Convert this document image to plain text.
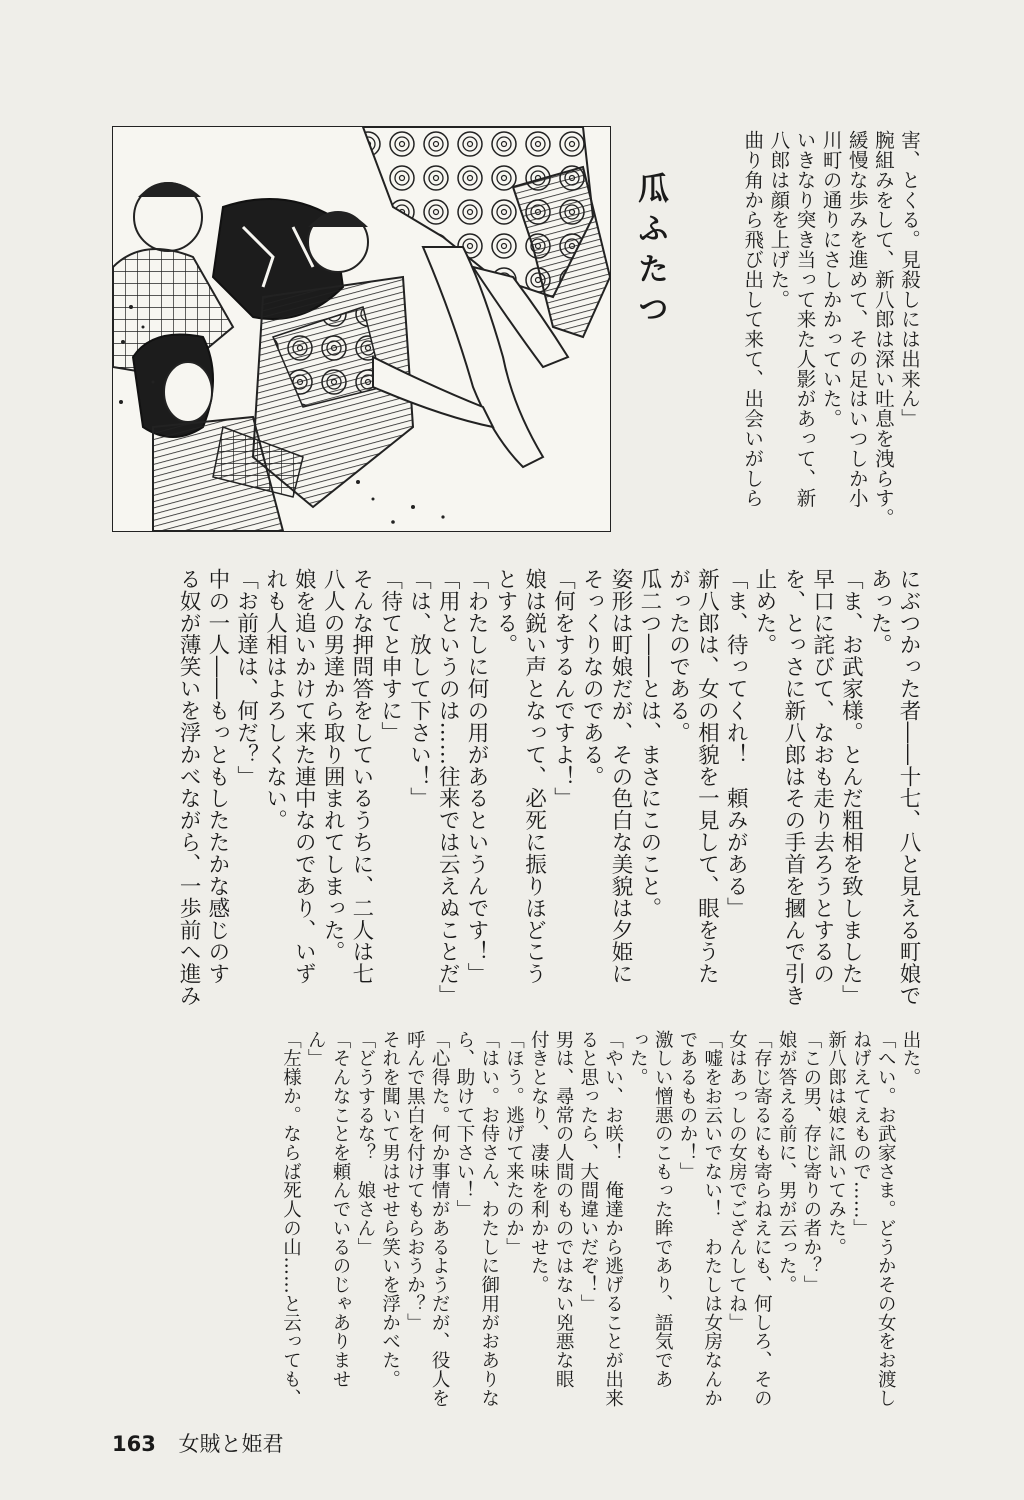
瓜ふたつ	害、とくる。見殺しには出来ん」
腕組みをして、新八郎は深い吐息を洩らす。
緩慢な歩みを進めて、その足はいつしか小
川町の通りにさしかかっていた。
いきなり突き当って来た人影があって、新
八郎は顔を上げた。
曲り角から飛び出して来て、出会いがしら
にぶつかった者――十七、八と見える町娘で
あった。
「ま、お武家様。とんだ粗相を致しました」
早口に詫びて、なおも走り去ろうとするの
を、とっさに新八郎はその手首を摑んで引き
止めた。
「ま、待ってくれ！　頼みがある」
新八郎は、女の相貌を一見して、眼をうた
がったのである。
瓜二つ――とは、まさにこのこと。
姿形は町娘だが、その色白な美貌は夕姫に
そっくりなのである。
「何をするんですよ！」
娘は鋭い声となって、必死に振りほどこう
とする。
「わたしに何の用があるというんです！」
「用というのは……往来では云えぬことだ」
「は、放して下さい！」
「待てと申すに」
そんな押問答をしているうちに、二人は七
八人の男達から取り囲まれてしまった。
娘を追いかけて来た連中なのであり、いず
れも人相はよろしくない。
「お前達は、何だ？」
中の一人――もっともしたたかな感じのす
る奴が薄笑いを浮かべながら、一歩前へ進み
出た。
「へい。お武家さま。どうかその女をお渡し
ねげえてえもので……」
新八郎は娘に訊いてみた。
「この男、存じ寄りの者か？」
娘が答える前に、男が云った。
「存じ寄るにも寄らねえにも、何しろ、その
女はあっしの女房でござんしてね」
「嘘をお云いでない！　わたしは女房なんか
であるものか！」
激しい憎悪のこもった眸であり、語気であ
った。
「やい、お咲！　俺達から逃げることが出来
ると思ったら、大間違いだぞ！」
男は、尋常の人間のものではない兇悪な眼
付きとなり、凄味を利かせた。
「ほう。逃げて来たのか」
「はい。お侍さん、わたしに御用がおありな
ら、助けて下さい！」
「心得た。何か事情があるようだが、役人を
呼んで黒白を付けてもらおうか？」
それを聞いて男はせせら笑いを浮かべた。
「どうするな？　娘さん」
「そんなことを頼んでいるのじゃありませ
ん」
「左様か。ならば死人の山……と云っても、
163 女賊と姫君
